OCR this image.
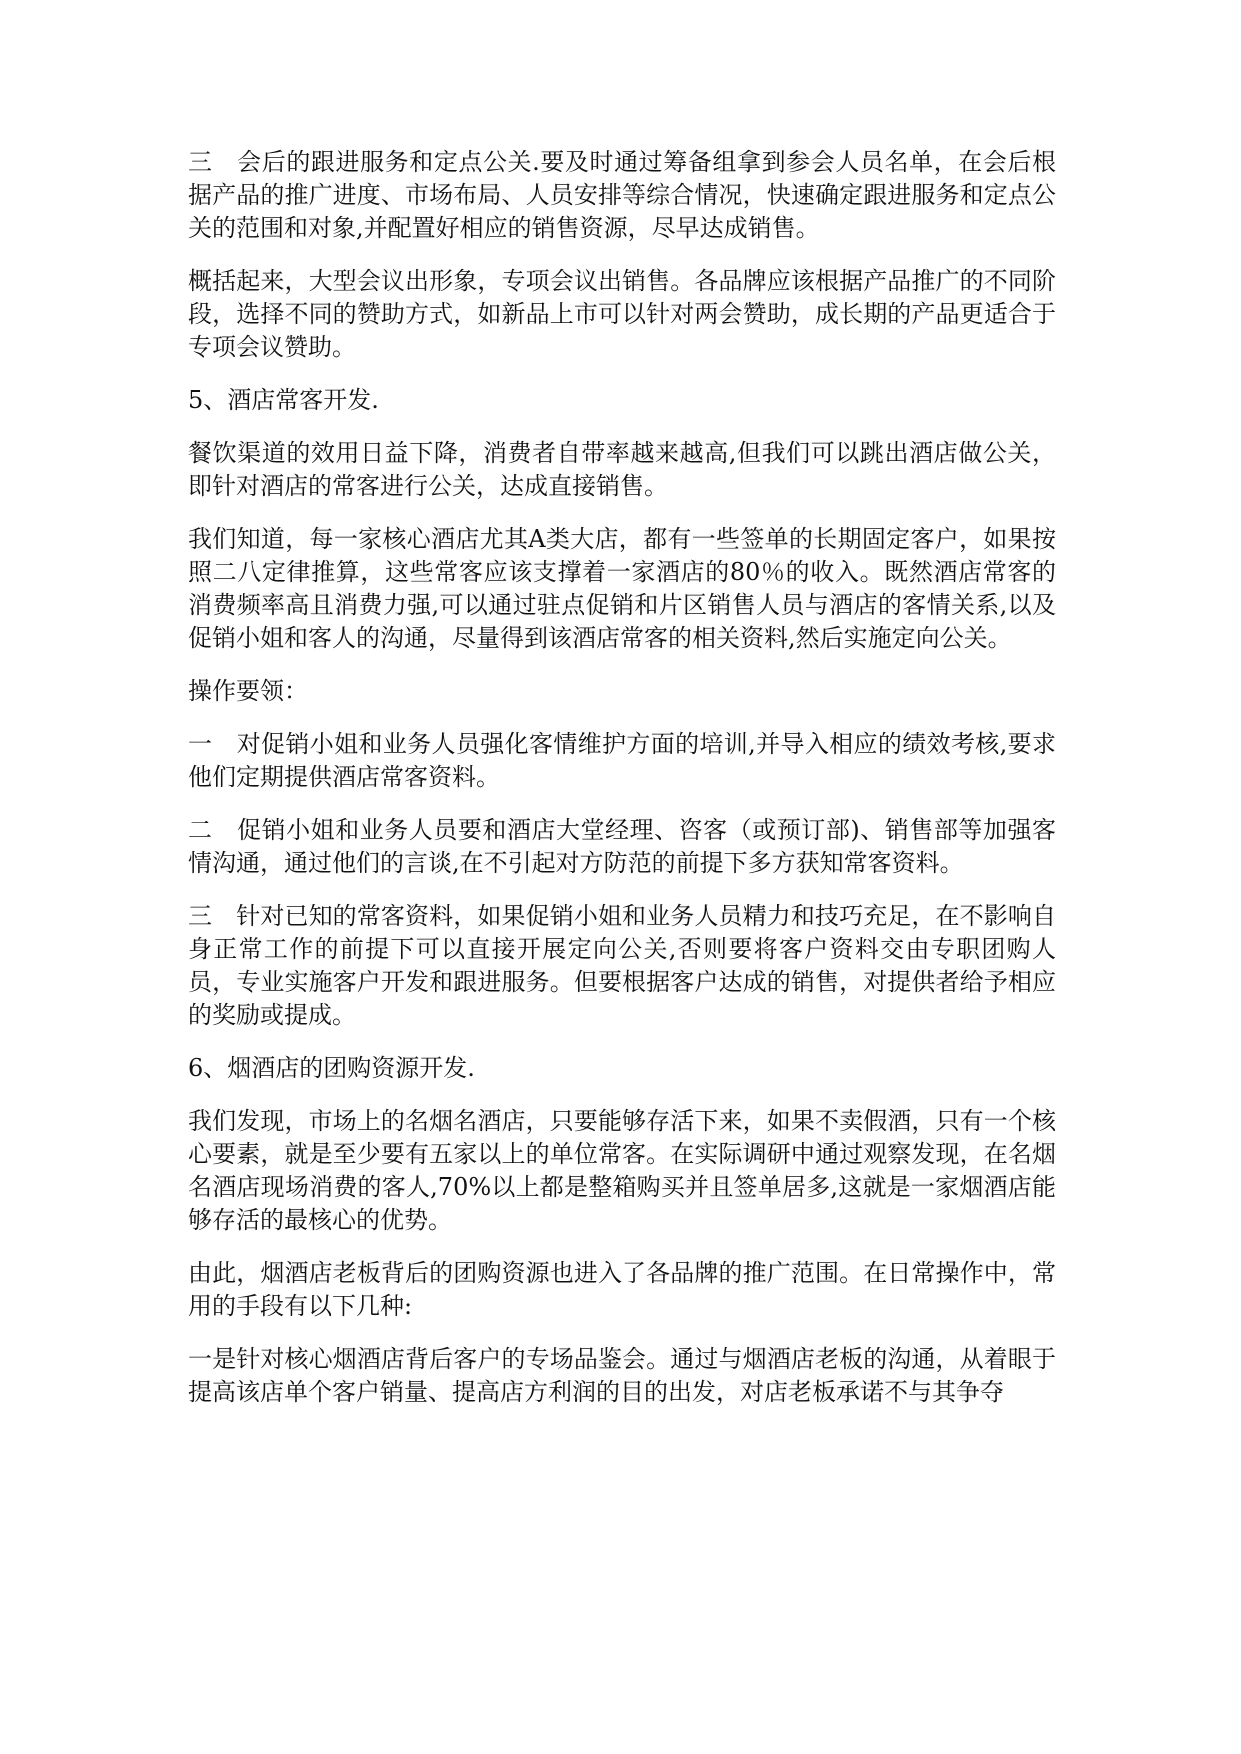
三　会后的跟进服务和定点公关.要及时通过筹备组拿到参会人员名单，在会后根据产品的推广进度、市场布局、人员安排等综合情况，快速确定跟进服务和定点公关的范围和对象,并配置好相应的销售资源，尽早达成销售。

概括起来，大型会议出形象，专项会议出销售。各品牌应该根据产品推广的不同阶段，选择不同的赞助方式，如新品上市可以针对两会赞助，成长期的产品更适合于专项会议赞助。

5、酒店常客开发.

餐饮渠道的效用日益下降，消费者自带率越来越高,但我们可以跳出酒店做公关，即针对酒店的常客进行公关，达成直接销售。

我们知道，每一家核心酒店尤其A类大店，都有一些签单的长期固定客户，如果按照二八定律推算，这些常客应该支撑着一家酒店的80％的收入。既然酒店常客的消费频率高且消费力强,可以通过驻点促销和片区销售人员与酒店的客情关系,以及促销小姐和客人的沟通，尽量得到该酒店常客的相关资料,然后实施定向公关。

操作要领：

一　对促销小姐和业务人员强化客情维护方面的培训,并导入相应的绩效考核,要求他们定期提供酒店常客资料。

二　促销小姐和业务人员要和酒店大堂经理、咨客（或预订部)、销售部等加强客情沟通，通过他们的言谈,在不引起对方防范的前提下多方获知常客资料。

三　针对已知的常客资料，如果促销小姐和业务人员精力和技巧充足，在不影响自身正常工作的前提下可以直接开展定向公关,否则要将客户资料交由专职团购人员，专业实施客户开发和跟进服务。但要根据客户达成的销售，对提供者给予相应的奖励或提成。

6、烟酒店的团购资源开发.

我们发现，市场上的名烟名酒店，只要能够存活下来，如果不卖假酒，只有一个核心要素，就是至少要有五家以上的单位常客。在实际调研中通过观察发现，在名烟名酒店现场消费的客人,70%以上都是整箱购买并且签单居多,这就是一家烟酒店能够存活的最核心的优势。

由此，烟酒店老板背后的团购资源也进入了各品牌的推广范围。在日常操作中，常用的手段有以下几种:

一是针对核心烟酒店背后客户的专场品鉴会。通过与烟酒店老板的沟通，从着眼于提高该店单个客户销量、提高店方利润的目的出发，对店老板承诺不与其争夺
